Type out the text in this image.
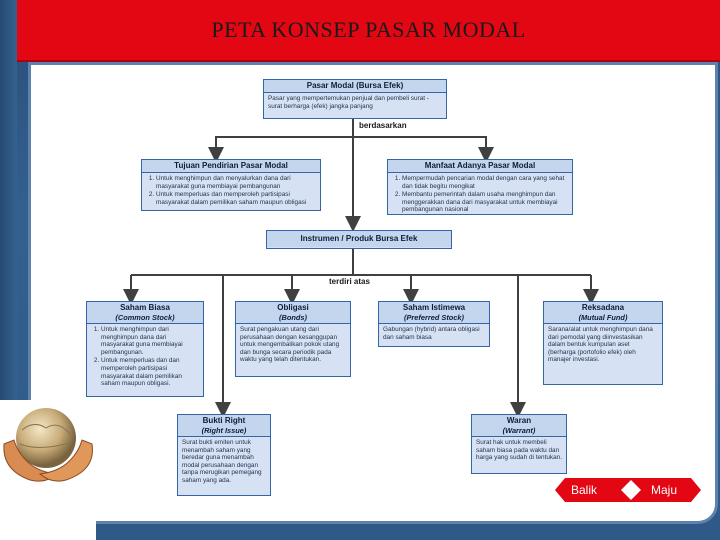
PETA KONSEP PASAR MODAL
Pasar Modal (Bursa Efek)
Pasar yang mempertemukan penjual dan pembeli surat - surat berharga (efek) jangka panjang
berdasarkan
Tujuan Pendirian Pasar Modal
1. Untuk menghimpun dan menyalurkan dana dari masyarakat guna membiayai pembangunan
2. Untuk memperluas dan memperoleh partisipasi masyarakat dalam pemilikan saham maupun obligasi
Manfaat Adanya Pasar Modal
1. Mempermudah pencarian modal dengan cara yang sehat dan tidak begitu mengikat
2. Membantu pemerintah dalam usaha menghimpun dan menggerakkan dana dari masyarakat untuk membiayai pembangunan nasional
Instrumen / Produk Bursa Efek
terdiri atas
Saham Biasa
(Common Stock)
1. Untuk menghimpun dari menghimpun dana dari masyarakat guna membiayai pembangunan.
2. Untuk memperluas dan dan memperoleh partisipasi masyarakat dalam pemilikan saham maupun obligasi.
Obligasi
(Bonds)
Surat pengakuan utang dari perusahaan dengan kesanggupan untuk mengembalikan pokok utang dan bunga secara periodik pada waktu yang telah ditentukan.
Saham Istimewa
(Preferred Stock)
Gabungan (hybrid) antara obligasi dan saham biasa
Reksadana
(Mutual Fund)
Sarana/alat untuk menghimpun dana dari pemodal yang diinvestasikan dalam bentuk kumpulan aset (berharga (portofolio efek) oleh manajer investasi.
Bukti Right
(Right Issue)
Surat bukti emiten untuk menambah saham yang beredar guna menambah modal perusahaan dengan tanpa merugikan pemegang saham yang ada.
Waran
(Warrant)
Surat hak untuk membeli saham biasa pada waktu dan harga yang sudah di tentukan.
Balik	Maju
